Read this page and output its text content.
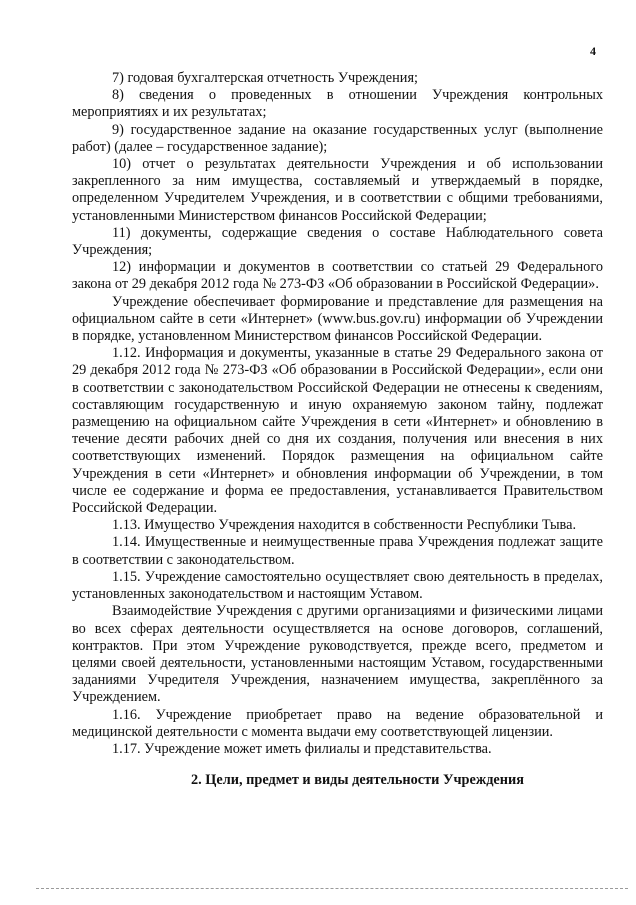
4

7) годовая бухгалтерская отчетность Учреждения;

8) сведения о проведенных в отношении Учреждения контрольных мероприятиях и их результатах;

9) государственное задание на оказание государственных услуг (выполнение работ) (далее – государственное задание);

10) отчет о результатах деятельности Учреждения и об использовании закрепленного за ним имущества, составляемый и утверждаемый в порядке, определенном Учредителем Учреждения, и в соответствии с общими требованиями, установленными Министерством финансов Российской Федерации;

11) документы, содержащие сведения о составе Наблюдательного совета Учреждения;

12) информации и документов в соответствии со статьей 29 Федерального закона от 29 декабря 2012 года № 273-ФЗ «Об образовании в Российской Федерации».

Учреждение обеспечивает формирование и представление для размещения на официальном сайте в сети «Интернет» (www.bus.gov.ru) информации об Учреждении в порядке, установленном Министерством финансов Российской Федерации.

1.12. Информация и документы, указанные в статье 29 Федерального закона от 29 декабря 2012 года № 273-ФЗ «Об образовании в Российской Федерации», если они в соответствии с законодательством Российской Федерации не отнесены к сведениям, составляющим государственную и иную охраняемую законом тайну, подлежат размещению на официальном сайте Учреждения в сети «Интернет» и обновлению в течение десяти рабочих дней со дня их создания, получения или внесения в них соответствующих изменений. Порядок размещения на официальном сайте Учреждения в сети «Интернет» и обновления информации об Учреждении, в том числе ее содержание и форма ее предоставления, устанавливается Правительством Российской Федерации.

1.13. Имущество Учреждения находится в собственности Республики Тыва.

1.14. Имущественные и неимущественные права Учреждения подлежат защите в соответствии с законодательством.

1.15. Учреждение самостоятельно осуществляет свою деятельность в пределах, установленных законодательством и настоящим Уставом.

Взаимодействие Учреждения с другими организациями и физическими лицами во всех сферах деятельности осуществляется на основе договоров, соглашений, контрактов. При этом Учреждение руководствуется, прежде всего, предметом и целями своей деятельности, установленными настоящим Уставом, государственными заданиями Учредителя Учреждения, назначением имущества, закреплённого за Учреждением.

1.16. Учреждение приобретает право на ведение образовательной и медицинской деятельности с момента выдачи ему соответствующей лицензии.

1.17. Учреждение может иметь филиалы и представительства.

2. Цели, предмет и виды деятельности Учреждения
